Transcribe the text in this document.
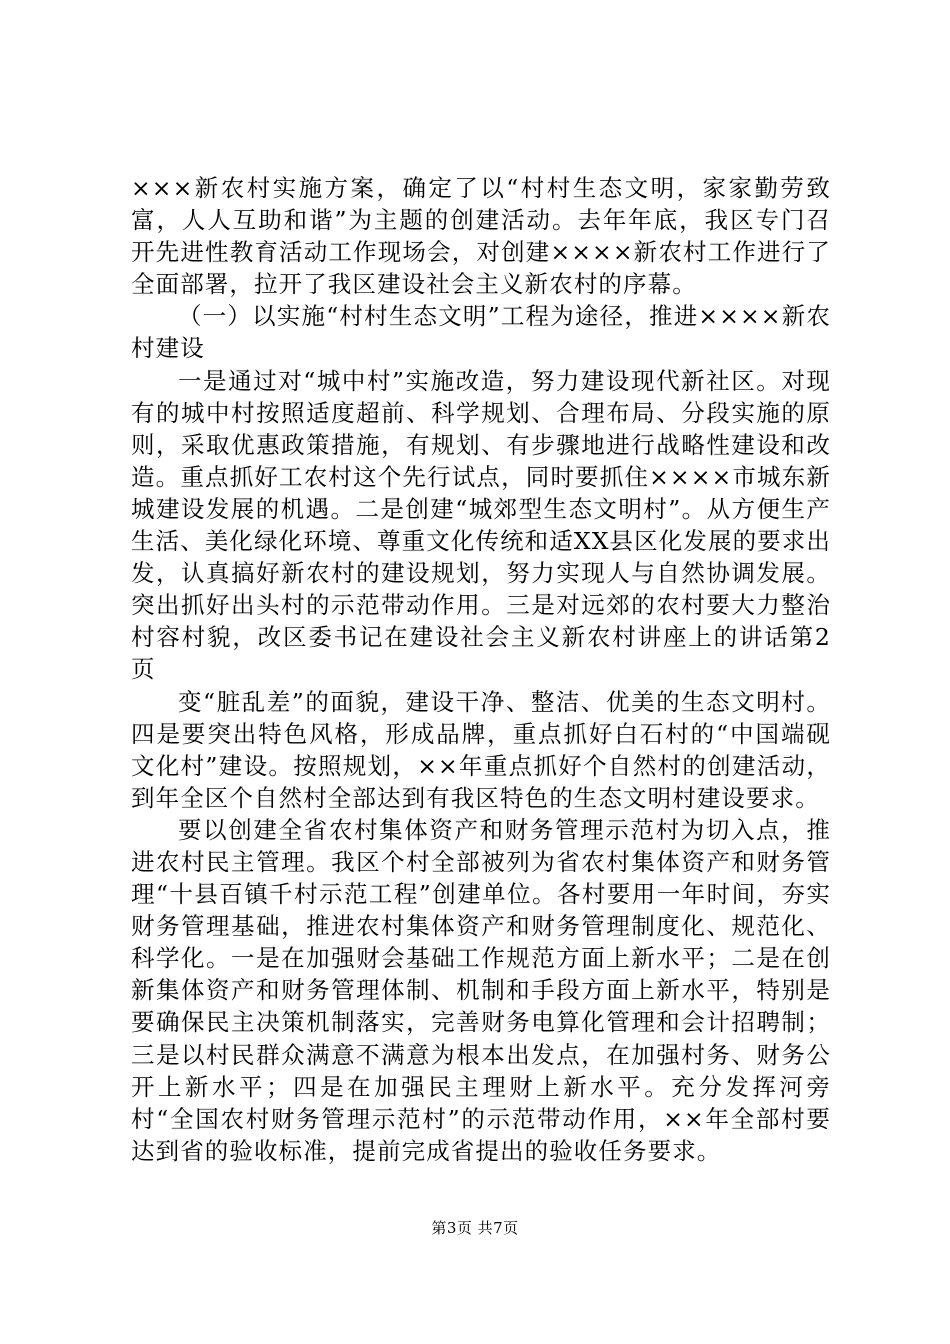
×××新农村实施方案，确定了以“村村生态文明，家家勤劳致富，人人互助和谐”为主题的创建活动。去年年底，我区专门召开先进性教育活动工作现场会，对创建××××新农村工作进行了全面部署，拉开了我区建设社会主义新农村的序幕。

（一）以实施“村村生态文明”工程为途径，推进××××新农村建设

一是通过对“城中村”实施改造，努力建设现代新社区。对现有的城中村按照适度超前、科学规划、合理布局、分段实施的原则，采取优惠政策措施，有规划、有步骤地进行战略性建设和改造。重点抓好工农村这个先行试点，同时要抓住××××市城东新城建设发展的机遇。二是创建“城郊型生态文明村”。从方便生产生活、美化绿化环境、尊重文化传统和适XX县区化发展的要求出发，认真搞好新农村的建设规划，努力实现人与自然协调发展。突出抓好出头村的示范带动作用。三是对远郊的农村要大力整治村容村貌，改区委书记在建设社会主义新农村讲座上的讲话第2页

变“脏乱差”的面貌，建设干净、整洁、优美的生态文明村。四是要突出特色风格，形成品牌，重点抓好白石村的“中国端砚文化村”建设。按照规划，××年重点抓好个自然村的创建活动，到年全区个自然村全部达到有我区特色的生态文明村建设要求。

要以创建全省农村集体资产和财务管理示范村为切入点，推进农村民主管理。我区个村全部被列为省农村集体资产和财务管理“十县百镇千村示范工程”创建单位。各村要用一年时间，夯实财务管理基础，推进农村集体资产和财务管理制度化、规范化、科学化。一是在加强财会基础工作规范方面上新水平；二是在创新集体资产和财务管理体制、机制和手段方面上新水平，特别是要确保民主决策机制落实，完善财务电算化管理和会计招聘制；三是以村民群众满意不满意为根本出发点，在加强村务、财务公开上新水平；四是在加强民主理财上新水平。充分发挥河旁村“全国农村财务管理示范村”的示范带动作用，××年全部村要达到省的验收标准，提前完成省提出的验收任务要求。

第3页 共7页
